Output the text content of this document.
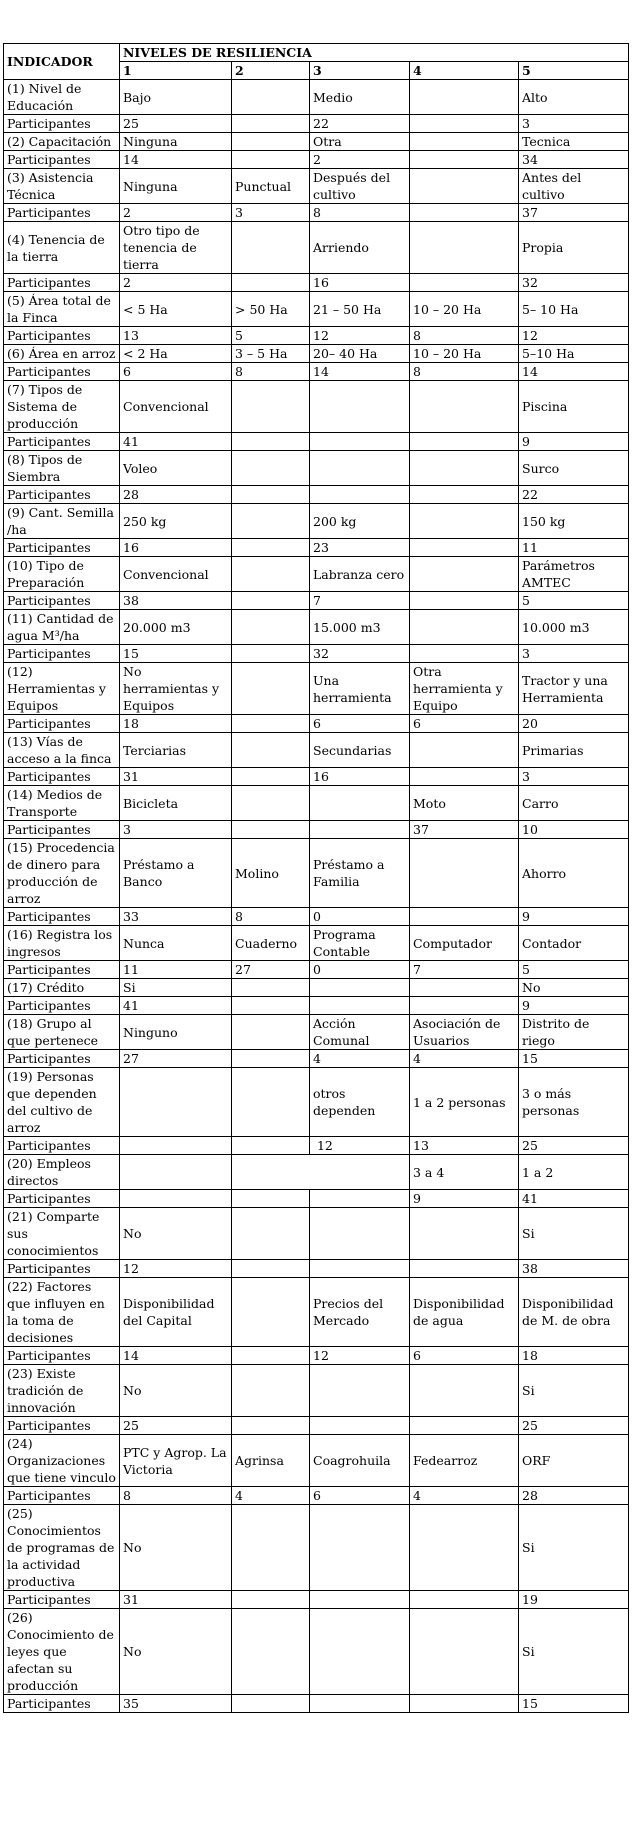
INDICADOR	NIVELES DE RESILIENCIA				
	1	2	3	4	5
(1) Nivel de Educación	Bajo		Medio		Alto
Participantes	25		22		3
(2) Capacitación	Ninguna		Otra		Tecnica
Participantes	14		2		34
(3) Asistencia Técnica	Ninguna	Punctual	Después del cultivo		Antes del cultivo
Participantes	2	3	8		37
(4) Tenencia de la tierra	Otro tipo de tenencia de tierra		Arriendo		Propia
Participantes	2		16		32
(5) Área total de la Finca	< 5 Ha	> 50 Ha	21 – 50 Ha	10 – 20 Ha	5– 10 Ha
Participantes	13	5	12	8	12
(6) Área en arroz	< 2 Ha	3 – 5 Ha	20– 40 Ha	10 – 20 Ha	5–10 Ha
Participantes	6	8	14	8	14
(7) Tipos de Sistema de producción	Convencional				Piscina
Participantes	41				9
(8) Tipos de Siembra	Voleo				Surco
Participantes	28				22
(9) Cant. Semilla /ha	250 kg		200 kg		150 kg
Participantes	16		23		11
(10) Tipo de Preparación	Convencional		Labranza cero		Parámetros AMTEC
Participantes	38		7		5
(11) Cantidad de agua M³/ha	20.000 m3		15.000 m3		10.000 m3
Participantes	15		32		3
(12) Herramientas y Equipos	No herramientas y Equipos		Una herramienta	Otra herramienta y Equipo	Tractor y una Herramienta
Participantes	18		6	6	20
(13) Vías de acceso a la finca	Terciarias		Secundarias		Primarias
Participantes	31		16		3
(14) Medios de Transporte	Bicicleta			Moto	Carro
Participantes	3			37	10
(15) Procedencia de dinero para producción de arroz	Préstamo a Banco	Molino	Préstamo a Familia		Ahorro
Participantes	33	8	0		9
(16) Registra los ingresos	Nunca	Cuaderno	Programa Contable	Computador	Contador
Participantes	11	27	0	7	5
(17) Crédito	Si				No
Participantes	41				9
(18) Grupo al que pertenece	Ninguno		Acción Comunal	Asociación de Usuarios	Distrito de riego
Participantes	27		4	4	15
(19) Personas que dependen del cultivo de arroz			otros dependen	1 a 2 personas	3 o más personas
Participantes			12	13	25
(20) Empleos directos				3 a 4	1 a 2
Participantes				9	41
(21) Comparte sus conocimientos	No				Si
Participantes	12				38
(22) Factores que influyen en la toma de decisiones	Disponibilidad del Capital		Precios del Mercado	Disponibilidad de agua	Disponibilidad de M. de obra
Participantes	14		12	6	18
(23) Existe tradición de innovación	No				Si
Participantes	25				25
(24) Organizaciones que tiene vinculo	PTC y Agrop. La Victoria	Agrinsa	Coagrohuila	Fedearroz	ORF
Participantes	8	4	6	4	28
(25) Conocimientos de programas de la actividad productiva	No				Si
Participantes	31				19
(26) Conocimiento de leyes que afectan su producción	No				Si
Participantes	35				15
